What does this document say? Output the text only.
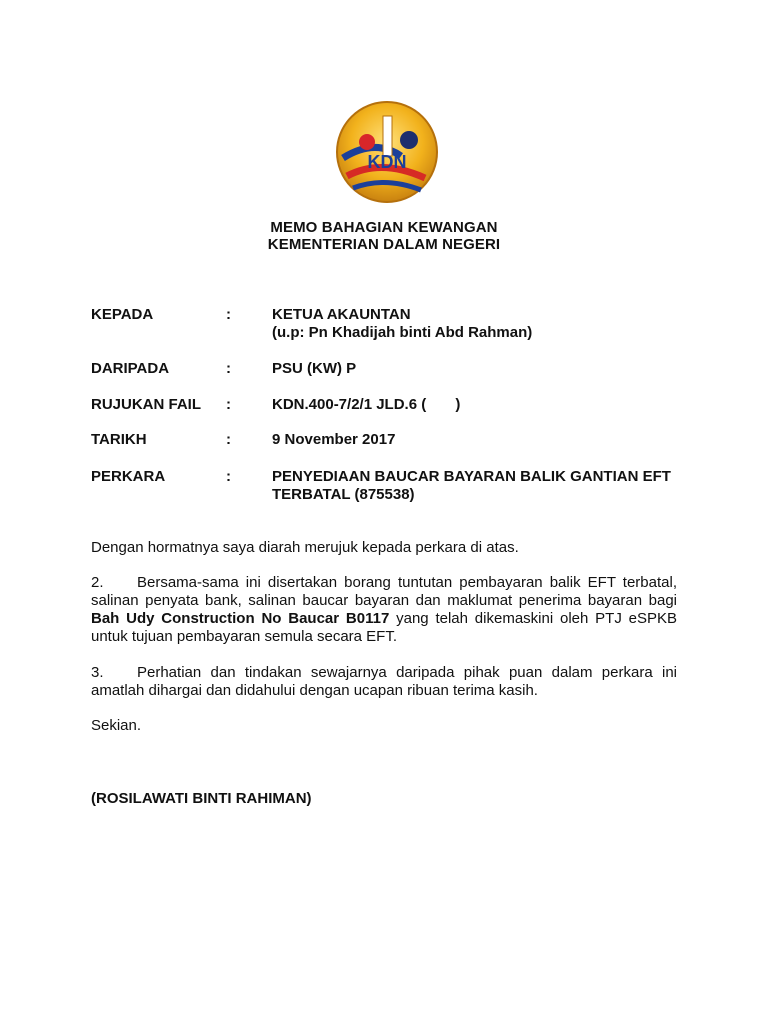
KDN
MEMO BAHAGIAN KEWANGAN
KEMENTERIAN DALAM NEGERI
KEPADA	:	KETUA AKAUNTAN
(u.p: Pn Khadijah binti Abd Rahman)
DARIPADA	:	PSU (KW) P
RUJUKAN FAIL :	KDN.400-7/2/1 JLD.6 (       )
TARIKH	:	9 November 2017
PERKARA	:	PENYEDIAAN BAUCAR BAYARAN BALIK GANTIAN EFT TERBATAL (875538)
Dengan hormatnya saya diarah merujuk kepada perkara di atas.
2. Bersama-sama ini disertakan borang tuntutan pembayaran balik EFT terbatal, salinan penyata bank, salinan baucar bayaran dan maklumat penerima bayaran bagi Bah Udy Construction No Baucar B0117 yang telah dikemaskini oleh PTJ eSPKB untuk tujuan pembayaran semula secara EFT.
3. Perhatian dan tindakan sewajarnya daripada pihak puan dalam perkara ini amatlah dihargai dan didahului dengan ucapan ribuan terima kasih.
Sekian.
(ROSILAWATI BINTI RAHIMAN)
